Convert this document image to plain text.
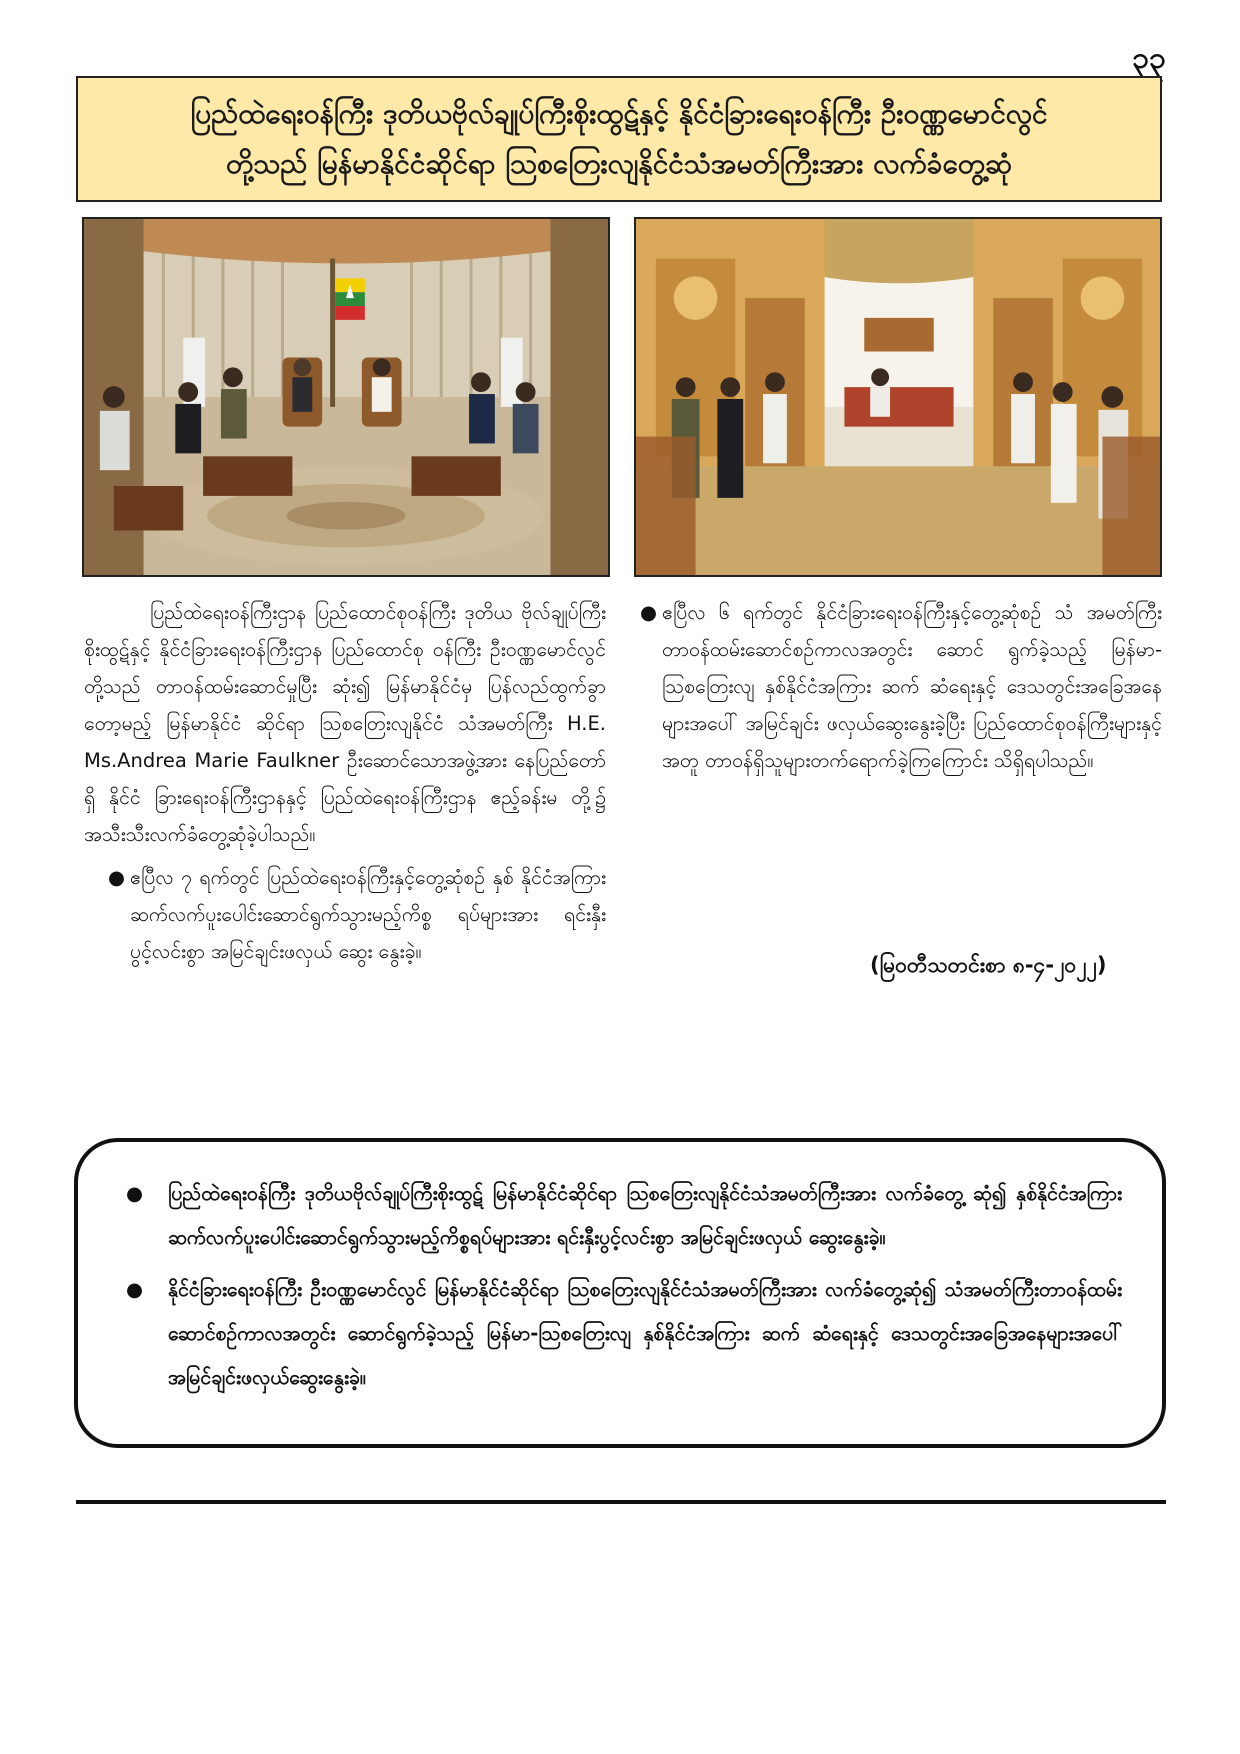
၃၃
ပြည်ထဲရေးဝန်ကြီး ဒုတိယဗိုလ်ချုပ်ကြီးစိုးထွဋ်နှင့် နိုင်ငံခြားရေးဝန်ကြီး ဦးဝဏ္ဏမောင်လွင်
တို့သည် မြန်မာနိုင်ငံဆိုင်ရာ ဩစတြေးလျနိုင်ငံသံအမတ်ကြီးအား လက်ခံတွေ့ဆုံ

ပြည်ထဲရေးဝန်ကြီးဌာန ပြည်ထောင်စုဝန်ကြီး ဒုတိယ ဗိုလ်ချုပ်ကြီး စိုးထွဋ်နှင့် နိုင်ငံခြားရေးဝန်ကြီးဌာန ပြည်ထောင်စု ဝန်ကြီး ဦးဝဏ္ဏမောင်လွင်တို့သည် တာဝန်ထမ်းဆောင်မှုပြီး ဆုံး၍ မြန်မာနိုင်ငံမှ ပြန်လည်ထွက်ခွာတော့မည့် မြန်မာနိုင်ငံ ဆိုင်ရာ ဩစတြေးလျနိုင်ငံ သံအမတ်ကြီး H.E. Ms.Andrea Marie Faulkner ဦးဆောင်သောအဖွဲ့အား နေပြည်တော်ရှိ နိုင်ငံ ခြားရေးဝန်ကြီးဌာနနှင့် ပြည်ထဲရေးဝန်ကြီးဌာန ဧည့်ခန်းမ တို့၌ အသီးသီးလက်ခံတွေ့ဆုံခဲ့ပါသည်။

● ဧပြီလ ၇ ရက်တွင် ပြည်ထဲရေးဝန်ကြီးနှင့်တွေ့ဆုံစဉ် နှစ် နိုင်ငံအကြား ဆက်လက်ပူးပေါင်းဆောင်ရွက်သွားမည့်ကိစ္စ ရပ်များအား ရင်းနှီးပွင့်လင်းစွာ အမြင်ချင်းဖလှယ် ဆွေး နွေးခဲ့။
● ဧပြီလ ၆ ရက်တွင် နိုင်ငံခြားရေးဝန်ကြီးနှင့်တွေ့ဆုံစဉ် သံ အမတ်ကြီး တာဝန်ထမ်းဆောင်စဉ်ကာလအတွင်း ဆောင် ရွက်ခဲ့သည့် မြန်မာ-ဩစတြေးလျ နှစ်နိုင်ငံအကြား ဆက် ဆံရေးနှင့် ဒေသတွင်းအခြေအနေများအပေါ် အမြင်ချင်း ဖလှယ်ဆွေးနွေးခဲ့ပြီး ပြည်ထောင်စုဝန်ကြီးများနှင့်အတူ တာဝန်ရှိသူများတက်ရောက်ခဲ့ကြကြောင်း သိရှိရပါသည်။
(မြဝတီသတင်းစာ ၈-၄-၂၀၂၂)
● ပြည်ထဲရေးဝန်ကြီး ဒုတိယဗိုလ်ချုပ်ကြီးစိုးထွဋ် မြန်မာနိုင်ငံဆိုင်ရာ ဩစတြေးလျနိုင်ငံသံအမတ်ကြီးအား လက်ခံတွေ့ ဆုံ၍ နှစ်နိုင်ငံအကြား ဆက်လက်ပူးပေါင်းဆောင်ရွက်သွားမည့်ကိစ္စရပ်များအား ရင်းနှီးပွင့်လင်းစွာ အမြင်ချင်းဖလှယ် ဆွေးနွေးခဲ့။
● နိုင်ငံခြားရေးဝန်ကြီး ဦးဝဏ္ဏမောင်လွင် မြန်မာနိုင်ငံဆိုင်ရာ ဩစတြေးလျနိုင်ငံသံအမတ်ကြီးအား လက်ခံတွေ့ဆုံ၍ သံအမတ်ကြီးတာဝန်ထမ်းဆောင်စဉ်ကာလအတွင်း ဆောင်ရွက်ခဲ့သည့် မြန်မာ-ဩစတြေးလျ နှစ်နိုင်ငံအကြား ဆက် ဆံရေးနှင့် ဒေသတွင်းအခြေအနေများအပေါ် အမြင်ချင်းဖလှယ်ဆွေးနွေးခဲ့။
